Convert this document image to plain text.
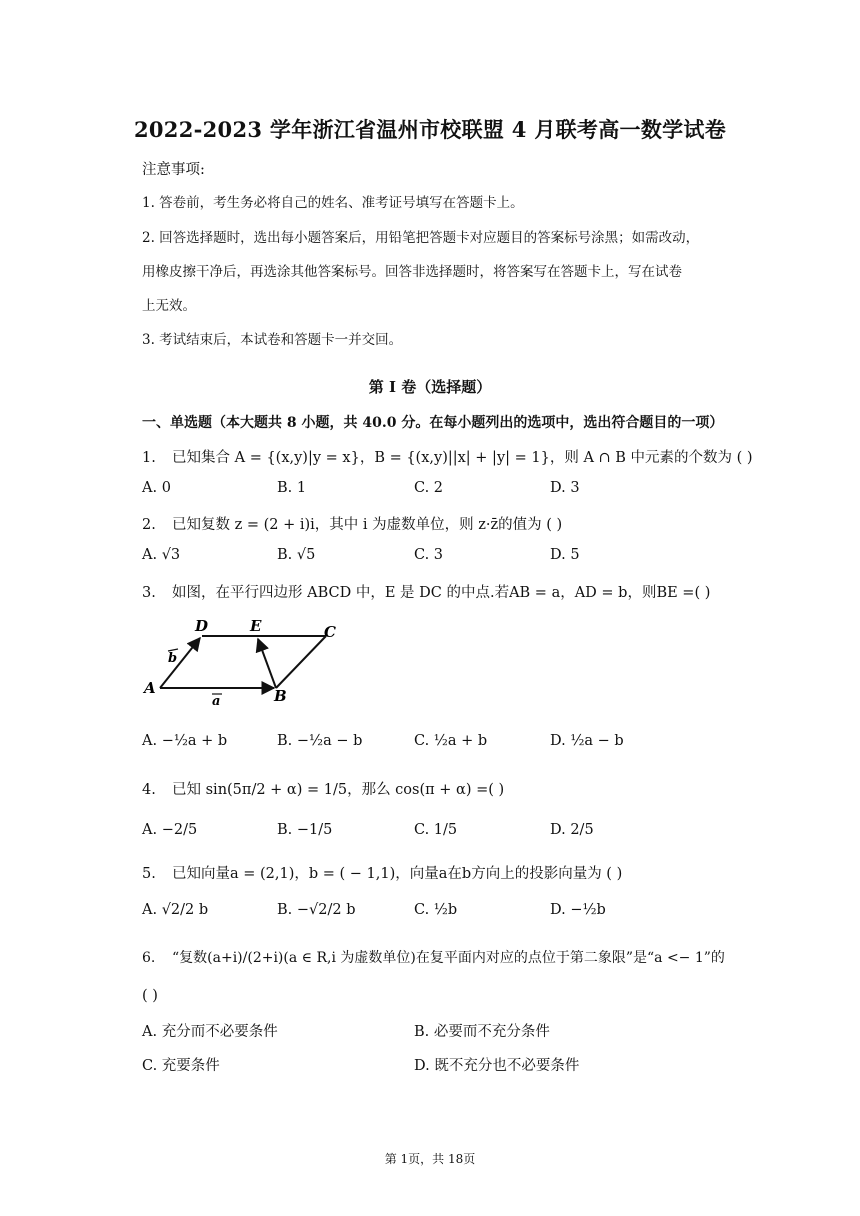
2022-2023 学年浙江省温州市校联盟 4 月联考高一数学试卷
注意事项:
1. 答卷前，考生务必将自己的姓名、准考证号填写在答题卡上。
2. 回答选择题时，选出每小题答案后，用铅笔把答题卡对应题目的答案标号涂黑；如需改动，
用橡皮擦干净后，再选涂其他答案标号。回答非选择题时，将答案写在答题卡上，写在试卷
上无效。
3. 考试结束后，本试卷和答题卡一并交回。
第 I 卷（选择题）
一、单选题（本大题共 8 小题，共 40.0 分。在每小题列出的选项中，选出符合题目的一项）
1. 已知集合 A = {(x,y)|y = x}，B = {(x,y)||x| + |y| = 1}，则 A ∩ B 中元素的个数为 ( )
A. 0	B. 1	C. 2	D. 3
2. 已知复数 z = (2 + i)i，其中 i 为虚数单位，则 z·z̄的值为 ( )
A. √3	B. √5	C. 3	D. 5
3. 如图，在平行四边形 ABCD 中，E 是 DC 的中点.若AB = a，AD = b，则BE =( )
D	E	C
A	B
b
a
A. −½a + b	B. −½a − b	C. ½a + b	D. ½a − b
4. 已知 sin(5π/2 + α) = 1/5，那么 cos(π + α) =( )
A. −2/5	B. −1/5	C. 1/5	D. 2/5
5. 已知向量a = (2,1)，b = ( − 1,1)，向量a在b方向上的投影向量为 ( )
A. √2/2 b	B. −√2/2 b	C. ½b	D. −½b
6. “复数(a+i)/(2+i)(a ∈ R,i 为虚数单位)在复平面内对应的点位于第二象限”是“a <− 1”的
( )
A. 充分而不必要条件	B. 必要而不充分条件
C. 充要条件	D. 既不充分也不必要条件
第 1页，共 18页
